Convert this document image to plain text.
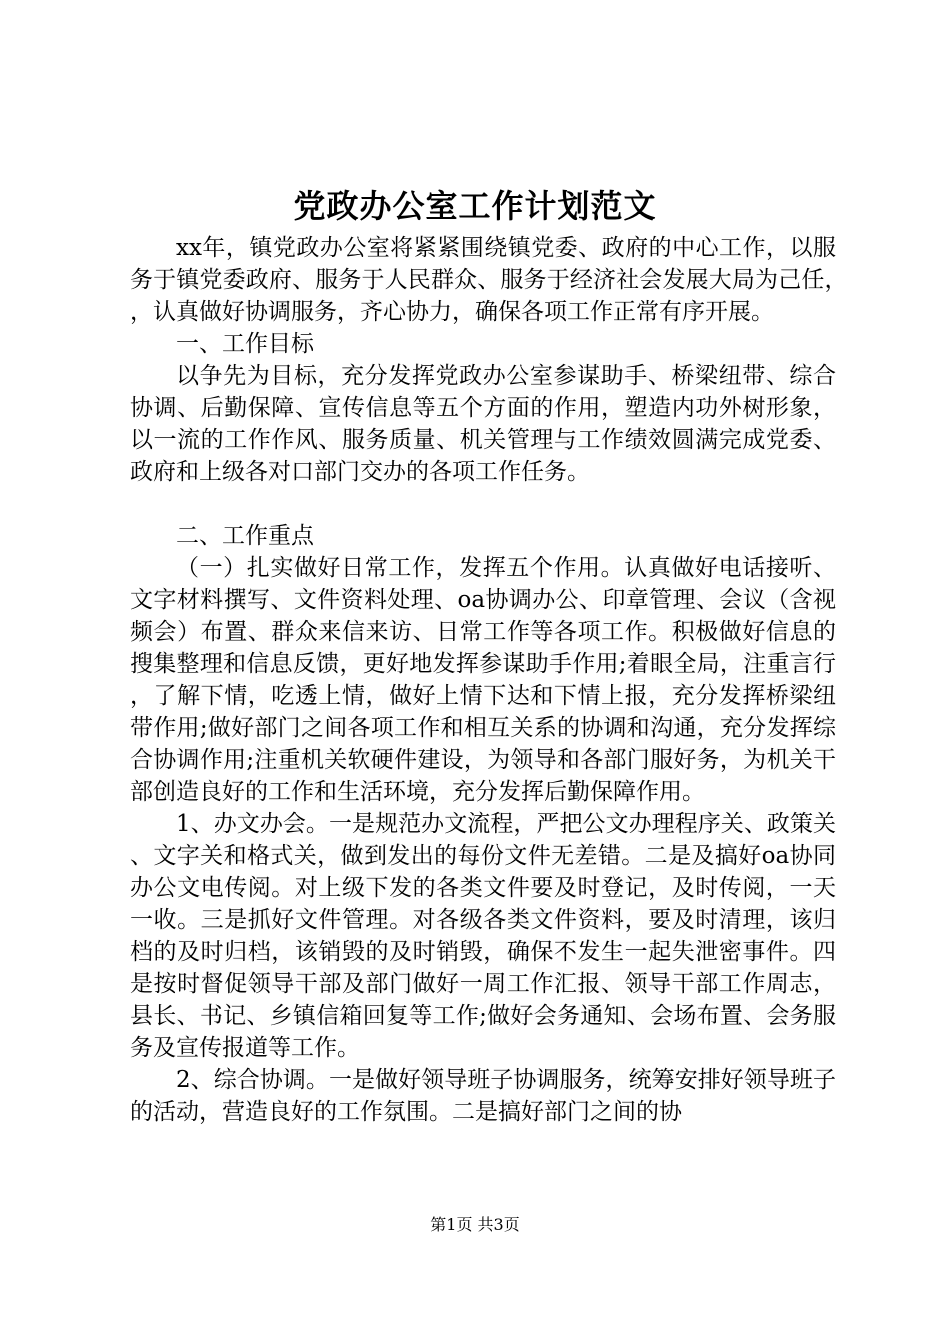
党政办公室工作计划范文

xx年，镇党政办公室将紧紧围绕镇党委、政府的中心工作，以服务于镇党委政府、服务于人民群众、服务于经济社会发展大局为己任，，认真做好协调服务，齐心协力，确保各项工作正常有序开展。

一、工作目标

以争先为目标，充分发挥党政办公室参谋助手、桥梁纽带、综合协调、后勤保障、宣传信息等五个方面的作用，塑造内功外树形象，以一流的工作作风、服务质量、机关管理与工作绩效圆满完成党委、政府和上级各对口部门交办的各项工作任务。

二、工作重点

（一）扎实做好日常工作，发挥五个作用。认真做好电话接听、文字材料撰写、文件资料处理、oa协调办公、印章管理、会议（含视频会）布置、群众来信来访、日常工作等各项工作。积极做好信息的搜集整理和信息反馈，更好地发挥参谋助手作用;着眼全局，注重言行，了解下情，吃透上情，做好上情下达和下情上报，充分发挥桥梁纽带作用;做好部门之间各项工作和相互关系的协调和沟通，充分发挥综合协调作用;注重机关软硬件建设，为领导和各部门服好务，为机关干部创造良好的工作和生活环境，充分发挥后勤保障作用。

1、办文办会。一是规范办文流程，严把公文办理程序关、政策关、文字关和格式关，做到发出的每份文件无差错。二是及搞好oa协同办公文电传阅。对上级下发的各类文件要及时登记，及时传阅，一天一收。三是抓好文件管理。对各级各类文件资料，要及时清理，该归档的及时归档，该销毁的及时销毁，确保不发生一起失泄密事件。四是按时督促领导干部及部门做好一周工作汇报、领导干部工作周志，县长、书记、乡镇信箱回复等工作;做好会务通知、会场布置、会务服务及宣传报道等工作。

2、综合协调。一是做好领导班子协调服务，统筹安排好领导班子的活动，营造良好的工作氛围。二是搞好部门之间的协

第1页 共3页
